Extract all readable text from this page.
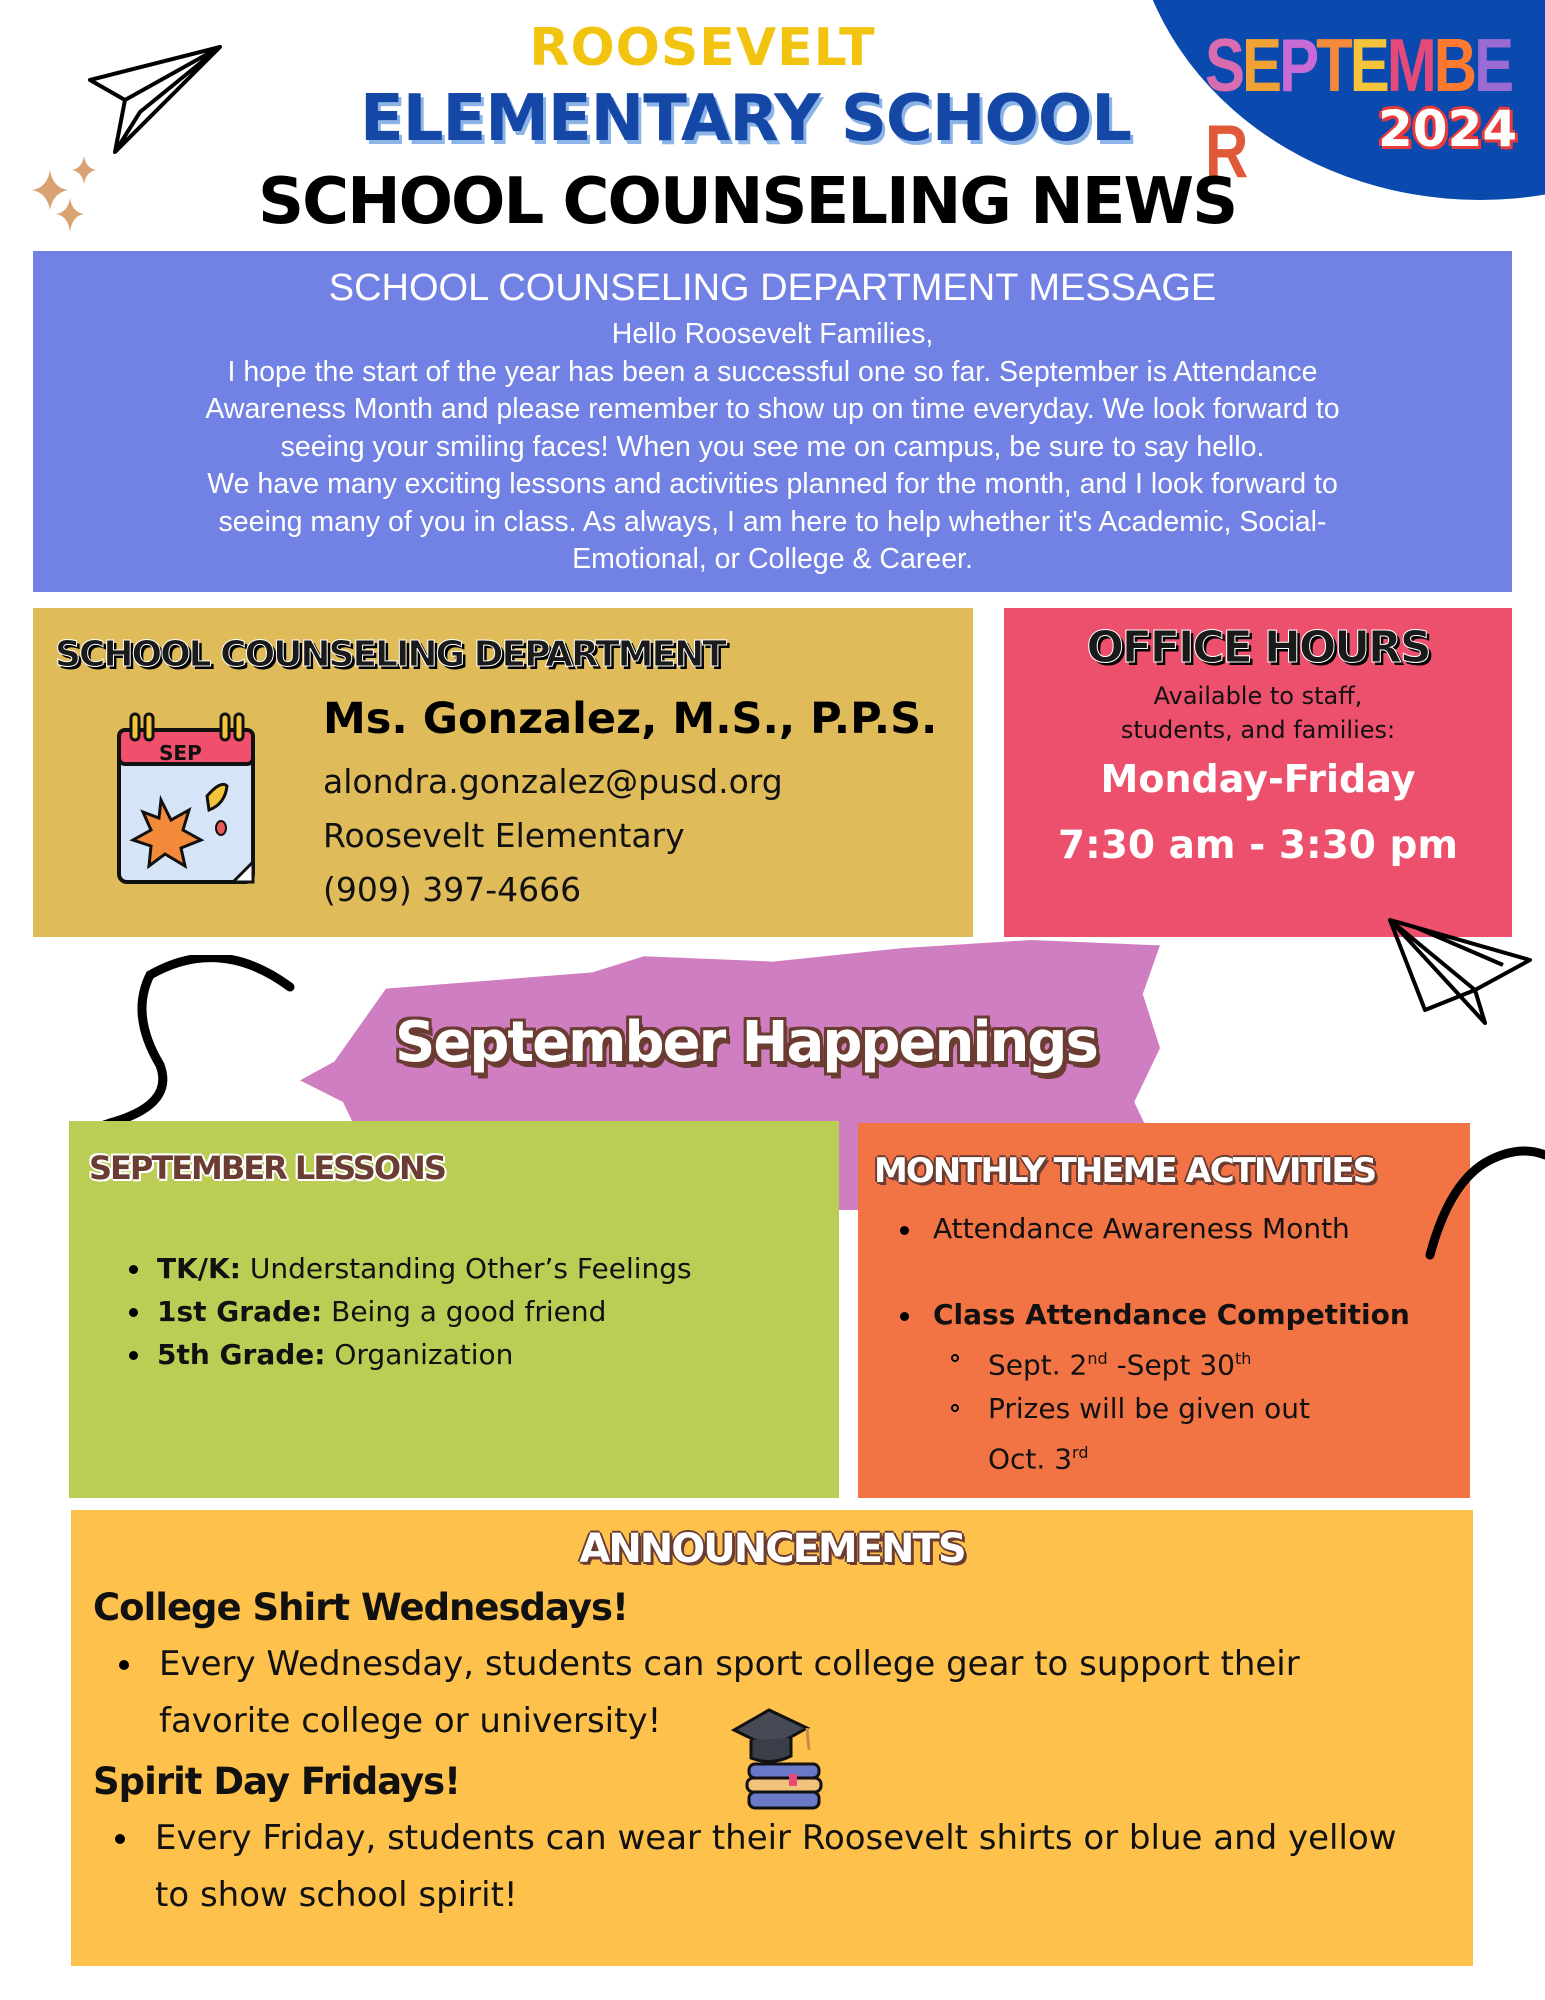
SEPTEMBER	2024
ROOSEVELT
ELEMENTARY SCHOOL
SCHOOL COUNSELING NEWS
SCHOOL COUNSELING DEPARTMENT MESSAGE
Hello Roosevelt Families,
I hope the start of the year has been a successful one so far. September is Attendance
Awareness Month and please remember to show up on time everyday. We look forward to
seeing your smiling faces! When you see me on campus, be sure to say hello.
We have many exciting lessons and activities planned for the month, and I look forward to
seeing many of you in class. As always, I am here to help whether it's Academic, Social-
Emotional, or College & Career.
SCHOOL COUNSELING DEPARTMENT
SEP
Ms. Gonzalez, M.S., P.P.S.
alondra.gonzalez@pusd.org
Roosevelt Elementary
(909) 397-4666
OFFICE HOURS
Available to staff,
students, and families:
Monday-Friday
7:30 am - 3:30 pm
September Happenings
SEPTEMBER LESSONS
TK/K: Understanding Other’s Feelings
1st Grade: Being a good friend
5th Grade: Organization
MONTHLY THEME ACTIVITIES
Attendance Awareness Month
Class Attendance Competition
Sept. 2nd -Sept 30th
Prizes will be given out Oct. 3rd
ANNOUNCEMENTS
College Shirt Wednesdays!
Every Wednesday, students can sport college gear to support their
favorite college or university!
Spirit Day Fridays!
Every Friday, students can wear their Roosevelt shirts or blue and yellow
to show school spirit!
